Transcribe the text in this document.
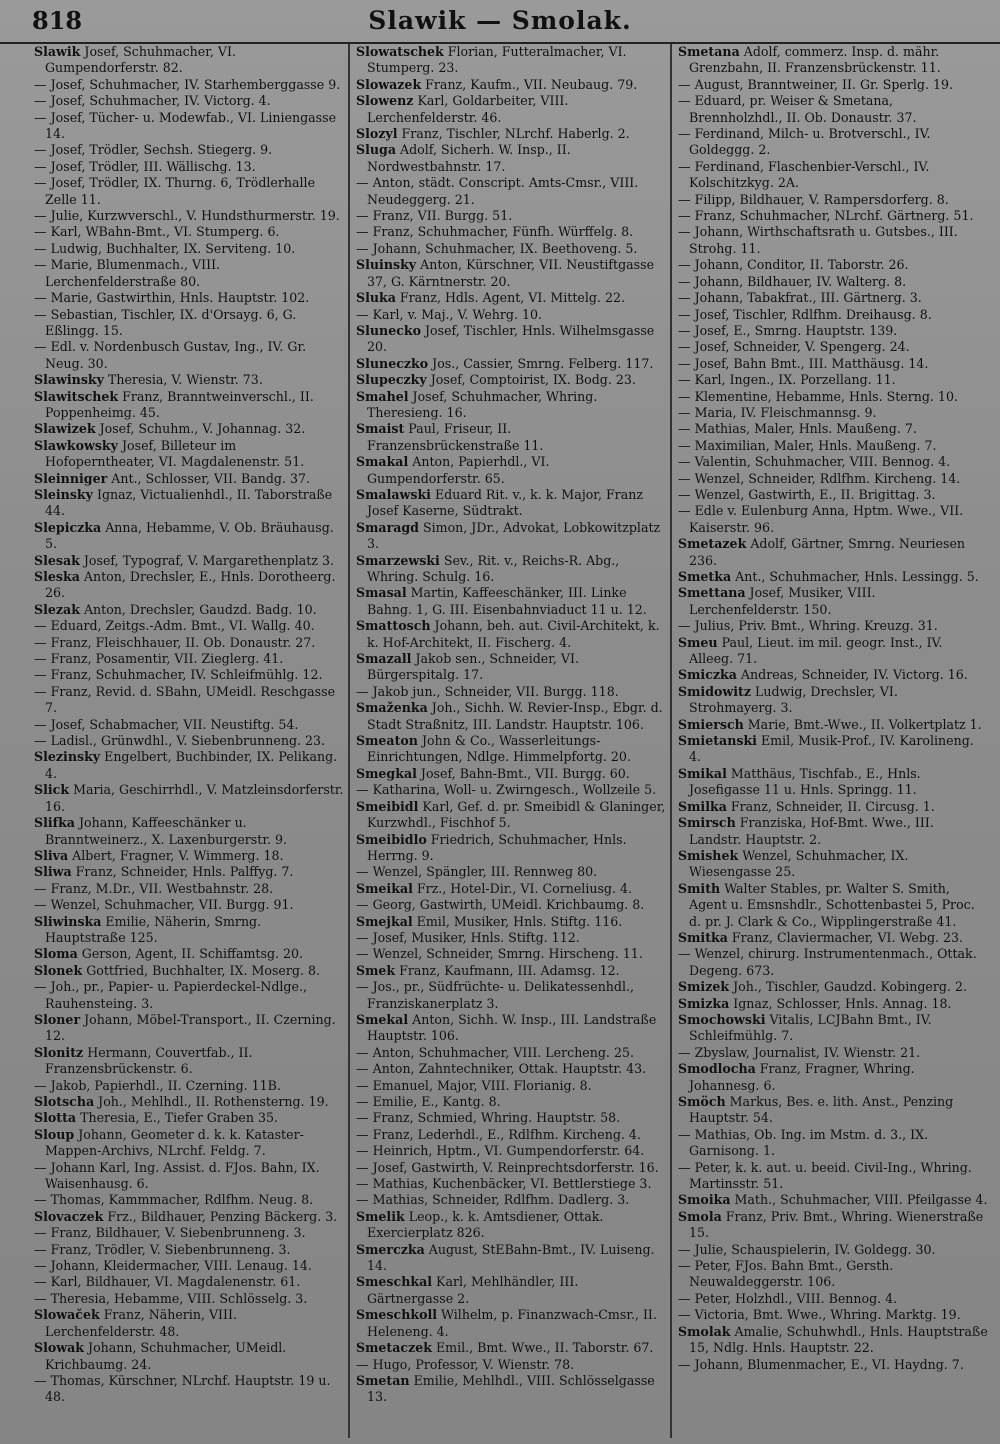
818	Slawik — Smolak.
Slawik Josef, Schuhmacher, VI. Gumpendorferstr. 82.
— Josef, Schuhmacher, IV. Starhemberggasse 9.
— Josef, Schuhmacher, IV. Victorg. 4.
— Josef, Tücher- u. Modewfab., VI. Liniengasse 14.
— Josef, Trödler, Sechsh. Stiegerg. 9.
— Josef, Trödler, III. Wällischg. 13.
— Josef, Trödler, IX. Thurng. 6, Trödlerhalle Zelle 11.
— Julie, Kurzwverschl., V. Hundsthurmerstr. 19.
— Karl, WBahn-Bmt., VI. Stumperg. 6.
— Ludwig, Buchhalter, IX. Serviteng. 10.
— Marie, Blumenmach., VIII. Lerchenfelderstraße 80.
— Marie, Gastwirthin, Hnls. Hauptstr. 102.
— Sebastian, Tischler, IX. d'Orsayg. 6, G. Eßlingg. 15.
— Edl. v. Nordenbusch Gustav, Ing., IV. Gr. Neug. 30.
Slawinsky Theresia, V. Wienstr. 73.
Slawitschek Franz, Branntweinverschl., II. Poppenheimg. 45.
Slawizek Josef, Schuhm., V. Johannag. 32.
Slawkowsky Josef, Billeteur im Hofoperntheater, VI. Magdalenenstr. 51.
Sleinniger Ant., Schlosser, VII. Bandg. 37.
Sleinsky Ignaz, Victualienhdl., II. Taborstraße 44.
Slepiczka Anna, Hebamme, V. Ob. Bräuhausg. 5.
Slesak Josef, Typograf, V. Margarethenplatz 3.
Sleska Anton, Drechsler, E., Hnls. Dorotheerg. 26.
Slezak Anton, Drechsler, Gaudzd. Badg. 10.
— Eduard, Zeitgs.-Adm. Bmt., VI. Wallg. 40.
— Franz, Fleischhauer, II. Ob. Donaustr. 27.
— Franz, Posamentir, VII. Zieglerg. 41.
— Franz, Schuhmacher, IV. Schleifmühlg. 12.
— Franz, Revid. d. SBahn, UMeidl. Reschgasse 7.
— Josef, Schabmacher, VII. Neustiftg. 54.
— Ladisl., Grünwdhl., V. Siebenbrunneng. 23.
Slezinsky Engelbert, Buchbinder, IX. Pelikang. 4.
Slick Maria, Geschirrhdl., V. Matzleinsdorferstr. 16.
Slifka Johann, Kaffeeschänker u. Branntweinerz., X. Laxenburgerstr. 9.
Sliva Albert, Fragner, V. Wimmerg. 18.
Sliwa Franz, Schneider, Hnls. Palffyg. 7.
— Franz, M.Dr., VII. Westbahnstr. 28.
— Wenzel, Schuhmacher, VII. Burgg. 91.
Sliwinska Emilie, Näherin, Smrng. Hauptstraße 125.
Sloma Gerson, Agent, II. Schiffamtsg. 20.
Slonek Gottfried, Buchhalter, IX. Moserg. 8.
— Joh., pr., Papier- u. Papierdeckel-Ndlge., Rauhensteing. 3.
Sloner Johann, Möbel-Transport., II. Czerning. 12.
Slonitz Hermann, Couvertfab., II. Franzensbrückenstr. 6.
— Jakob, Papierhdl., II. Czerning. 11B.
Slotscha Joh., Mehlhdl., II. Rothensterng. 19.
Slotta Theresia, E., Tiefer Graben 35.
Sloup Johann, Geometer d. k. k. Kataster-Mappen-Archivs, NLrchf. Feldg. 7.
— Johann Karl, Ing. Assist. d. FJos. Bahn, IX. Waisenhausg. 6.
— Thomas, Kammmacher, Rdlfhm. Neug. 8.
Slovaczek Frz., Bildhauer, Penzing Bäckerg. 3.
— Franz, Bildhauer, V. Siebenbrunneng. 3.
— Franz, Trödler, V. Siebenbrunneng. 3.
— Johann, Kleidermacher, VIII. Lenaug. 14.
— Karl, Bildhauer, VI. Magdalenenstr. 61.
— Theresia, Hebamme, VIII. Schlösselg. 3.
Slowaček Franz, Näherin, VIII. Lerchenfelderstr. 48.
Slowak Johann, Schuhmacher, UMeidl. Krichbaumg. 24.
— Thomas, Kürschner, NLrchf. Hauptstr. 19 u. 48.
Slowatschek Florian, Futteralmacher, VI. Stumperg. 23.
Slowazek Franz, Kaufm., VII. Neubaug. 79.
Slowenz Karl, Goldarbeiter, VIII. Lerchenfelderstr. 46.
Slozyl Franz, Tischler, NLrchf. Haberlg. 2.
Sluga Adolf, Sicherh. W. Insp., II. Nordwestbahnstr. 17.
— Anton, städt. Conscript. Amts-Cmsr., VIII. Neudeggerg. 21.
— Franz, VII. Burgg. 51.
— Franz, Schuhmacher, Fünfh. Würffelg. 8.
— Johann, Schuhmacher, IX. Beethoveng. 5.
Sluinsky Anton, Kürschner, VII. Neustiftgasse 37, G. Kärntnerstr. 20.
Sluka Franz, Hdls. Agent, VI. Mittelg. 22.
— Karl, v. Maj., V. Wehrg. 10.
Slunecko Josef, Tischler, Hnls. Wilhelmsgasse 20.
Sluneczko Jos., Cassier, Smrng. Felberg. 117.
Slupeczky Josef, Comptoirist, IX. Bodg. 23.
Smahel Josef, Schuhmacher, Whring. Theresieng. 16.
Smaist Paul, Friseur, II. Franzensbrückenstraße 11.
Smakal Anton, Papierhdl., VI. Gumpendorferstr. 65.
Smalawski Eduard Rit. v., k. k. Major, Franz Josef Kaserne, Südtrakt.
Smaragd Simon, JDr., Advokat, Lobkowitzplatz 3.
Smarzewski Sev., Rit. v., Reichs-R. Abg., Whring. Schulg. 16.
Smasal Martin, Kaffeeschänker, III. Linke Bahng. 1, G. III. Eisenbahnviaduct 11 u. 12.
Smattosch Johann, beh. aut. Civil-Architekt, k. k. Hof-Architekt, II. Fischerg. 4.
Smazall Jakob sen., Schneider, VI. Bürgerspitalg. 17.
— Jakob jun., Schneider, VII. Burgg. 118.
Smaženka Joh., Sichh. W. Revier-Insp., Ebgr. d. Stadt Straßnitz, III. Landstr. Hauptstr. 106.
Smeaton John & Co., Wasserleitungs-Einrichtungen, Ndlge. Himmelpfortg. 20.
Smegkal Josef, Bahn-Bmt., VII. Burgg. 60.
— Katharina, Woll- u. Zwirngesch., Wollzeile 5.
Smeibidl Karl, Gef. d. pr. Smeibidl & Glaninger, Kurzwhdl., Fischhof 5.
Smeibidlo Friedrich, Schuhmacher, Hnls. Herrng. 9.
— Wenzel, Spängler, III. Rennweg 80.
Smeikal Frz., Hotel-Dir., VI. Corneliusg. 4.
— Georg, Gastwirth, UMeidl. Krichbaumg. 8.
Smejkal Emil, Musiker, Hnls. Stiftg. 116.
— Josef, Musiker, Hnls. Stiftg. 112.
— Wenzel, Schneider, Smrng. Hirscheng. 11.
Smek Franz, Kaufmann, III. Adamsg. 12.
— Jos., pr., Südfrüchte- u. Delikatessenhdl., Franziskanerplatz 3.
Smekal Anton, Sichh. W. Insp., III. Landstraße Hauptstr. 106.
— Anton, Schuhmacher, VIII. Lercheng. 25.
— Anton, Zahntechniker, Ottak. Hauptstr. 43.
— Emanuel, Major, VIII. Florianig. 8.
— Emilie, E., Kantg. 8.
— Franz, Schmied, Whring. Hauptstr. 58.
— Franz, Lederhdl., E., Rdlfhm. Kircheng. 4.
— Heinrich, Hptm., VI. Gumpendorferstr. 64.
— Josef, Gastwirth, V. Reinprechtsdorferstr. 16.
— Mathias, Kuchenbäcker, VI. Bettlerstiege 3.
— Mathias, Schneider, Rdlfhm. Dadlerg. 3.
Smelik Leop., k. k. Amtsdiener, Ottak. Exercierplatz 826.
Smerczka August, StEBahn-Bmt., IV. Luiseng. 14.
Smeschkal Karl, Mehlhändler, III. Gärtnergasse 2.
Smeschkoll Wilhelm, p. Finanzwach-Cmsr., II. Heleneng. 4.
Smetaczek Emil., Bmt. Wwe., II. Taborstr. 67.
— Hugo, Professor, V. Wienstr. 78.
Smetan Emilie, Mehlhdl., VIII. Schlösselgasse 13.
Smetana Adolf, commerz. Insp. d. mähr. Grenzbahn, II. Franzensbrückenstr. 11.
— August, Branntweiner, II. Gr. Sperlg. 19.
— Eduard, pr. Weiser & Smetana, Brennholzhdl., II. Ob. Donaustr. 37.
— Ferdinand, Milch- u. Brotverschl., IV. Goldeggg. 2.
— Ferdinand, Flaschenbier-Verschl., IV. Kolschitzkyg. 2A.
— Filipp, Bildhauer, V. Rampersdorferg. 8.
— Franz, Schuhmacher, NLrchf. Gärtnerg. 51.
— Johann, Wirthschaftsrath u. Gutsbes., III. Strohg. 11.
— Johann, Conditor, II. Taborstr. 26.
— Johann, Bildhauer, IV. Walterg. 8.
— Johann, Tabakfrat., III. Gärtnerg. 3.
— Josef, Tischler, Rdlfhm. Dreihausg. 8.
— Josef, E., Smrng. Hauptstr. 139.
— Josef, Schneider, V. Spengerg. 24.
— Josef, Bahn Bmt., III. Matthäusg. 14.
— Karl, Ingen., IX. Porzellang. 11.
— Klementine, Hebamme, Hnls. Sterng. 10.
— Maria, IV. Fleischmannsg. 9.
— Mathias, Maler, Hnls. Maußeng. 7.
— Maximilian, Maler, Hnls. Maußeng. 7.
— Valentin, Schuhmacher, VIII. Bennog. 4.
— Wenzel, Schneider, Rdlfhm. Kircheng. 14.
— Wenzel, Gastwirth, E., II. Brigittag. 3.
— Edle v. Eulenburg Anna, Hptm. Wwe., VII. Kaiserstr. 96.
Smetazek Adolf, Gärtner, Smrng. Neuriesen 236.
Smetka Ant., Schuhmacher, Hnls. Lessingg. 5.
Smettana Josef, Musiker, VIII. Lerchenfelderstr. 150.
— Julius, Priv. Bmt., Whring. Kreuzg. 31.
Smeu Paul, Lieut. im mil. geogr. Inst., IV. Alleeg. 71.
Smiczka Andreas, Schneider, IV. Victorg. 16.
Smidowitz Ludwig, Drechsler, VI. Strohmayerg. 3.
Smiersch Marie, Bmt.-Wwe., II. Volkertplatz 1.
Smietanski Emil, Musik-Prof., IV. Karolineng. 4.
Smikal Matthäus, Tischfab., E., Hnls. Josefigasse 11 u. Hnls. Springg. 11.
Smilka Franz, Schneider, II. Circusg. 1.
Smirsch Franziska, Hof-Bmt. Wwe., III. Landstr. Hauptstr. 2.
Smishek Wenzel, Schuhmacher, IX. Wiesengasse 25.
Smith Walter Stables, pr. Walter S. Smith, Agent u. Emsnshdlr., Schottenbastei 5, Proc. d. pr. J. Clark & Co., Wipplingerstraße 41.
Smitka Franz, Claviermacher, VI. Webg. 23.
— Wenzel, chirurg. Instrumentenmach., Ottak. Degeng. 673.
Smizek Joh., Tischler, Gaudzd. Kobingerg. 2.
Smizka Ignaz, Schlosser, Hnls. Annag. 18.
Smochowski Vitalis, LCJBahn Bmt., IV. Schleifmühlg. 7.
— Zbyslaw, Journalist, IV. Wienstr. 21.
Smodlocha Franz, Fragner, Whring. Johannesg. 6.
Smöch Markus, Bes. e. lith. Anst., Penzing Hauptstr. 54.
— Mathias, Ob. Ing. im Mstm. d. 3., IX. Garnisong. 1.
— Peter, k. k. aut. u. beeid. Civil-Ing., Whring. Martinsstr. 51.
Smoika Math., Schuhmacher, VIII. Pfeilgasse 4.
Smola Franz, Priv. Bmt., Whring. Wienerstraße 15.
— Julie, Schauspielerin, IV. Goldegg. 30.
— Peter, FJos. Bahn Bmt., Gersth. Neuwaldeggerstr. 106.
— Peter, Holzhdl., VIII. Bennog. 4.
— Victoria, Bmt. Wwe., Whring. Marktg. 19.
Smolak Amalie, Schuhwhdl., Hnls. Hauptstraße 15, Ndlg. Hnls. Hauptstr. 22.
— Johann, Blumenmacher, E., VI. Haydng. 7.
